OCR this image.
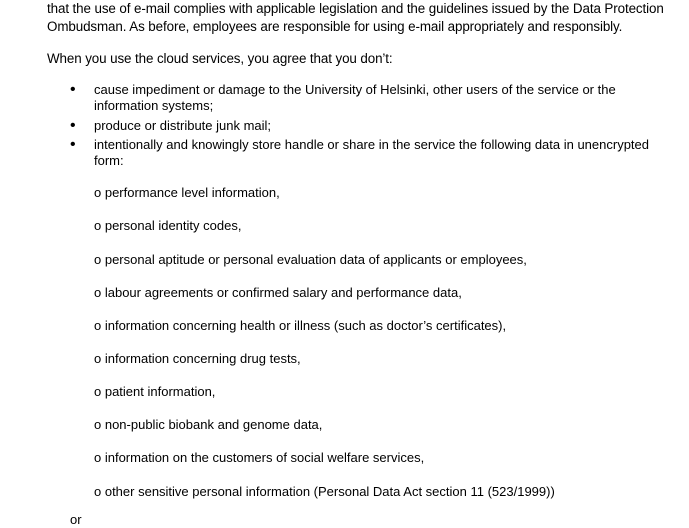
that the use of e-mail complies with applicable legislation and the guidelines issued by the Data Protection
Ombudsman. As before, employees are responsible for using e-mail appropriately and responsibly.
When you use the cloud services, you agree that you don’t:
• cause impediment or damage to the University of Helsinki, other users of the service or the
information systems;
• produce or distribute junk mail;
• intentionally and knowingly store handle or share in the service the following data in unencrypted
form:
o performance level information,
o personal identity codes,
o personal aptitude or personal evaluation data of applicants or employees,
o labour agreements or confirmed salary and performance data,
o information concerning health or illness (such as doctor’s certificates),
o information concerning drug tests,
o patient information,
o non-public biobank and genome data,
o information on the customers of social welfare services,
o other sensitive personal information (Personal Data Act section 11 (523/1999))
or
